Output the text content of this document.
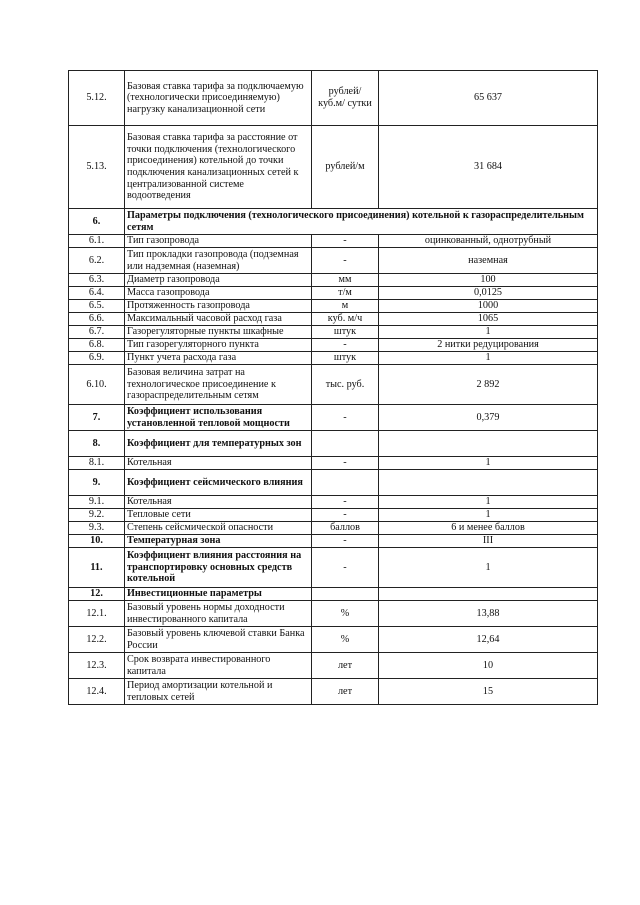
5.12.	Базовая ставка тарифа за подключаемую (технологически присоединяемую) нагрузку канализационной сети	рублей/ куб.м/ сутки	65 637
5.13.	Базовая ставка тарифа за расстояние от точки подключения (технологического присоединения) котельной до точки подключения канализационных сетей к централизованной системе водоотведения	рублей/м	31 684
6.	Параметры подключения (технологического присоединения) котельной к газораспределительным сетям		
6.1.	Тип газопровода	-	оцинкованный, однотрубный
6.2.	Тип прокладки газопровода (подземная или надземная (наземная)	-	наземная
6.3.	Диаметр газопровода	мм	100
6.4.	Масса газопровода	т/м	0,0125
6.5.	Протяженность газопровода	м	1000
6.6.	Максимальный часовой расход газа	куб. м/ч	1065
6.7.	Газорегуляторные пункты шкафные	штук	1
6.8.	Тип газорегуляторного пункта	-	2 нитки редуцирования
6.9.	Пункт учета расхода газа	штук	1
6.10.	Базовая величина затрат на технологическое присоединение к газораспределительным сетям	тыс. руб.	2 892
7.	Коэффициент использования установленной тепловой мощности	-	0,379
8.	Коэффициент для температурных зон		
8.1.	Котельная	-	1
9.	Коэффициент сейсмического влияния		
9.1.	Котельная	-	1
9.2.	Тепловые сети	-	1
9.3.	Степень сейсмической опасности	баллов	6 и менее баллов
10.	Температурная зона	-	III
11.	Коэффициент влияния расстояния на транспортировку основных средств котельной	-	1
12.	Инвестиционные параметры		
12.1.	Базовый уровень нормы доходности инвестированного капитала	%	13,88
12.2.	Базовый уровень ключевой ставки Банка России	%	12,64
12.3.	Срок возврата инвестированного капитала	лет	10
12.4.	Период амортизации котельной и тепловых сетей	лет	15
